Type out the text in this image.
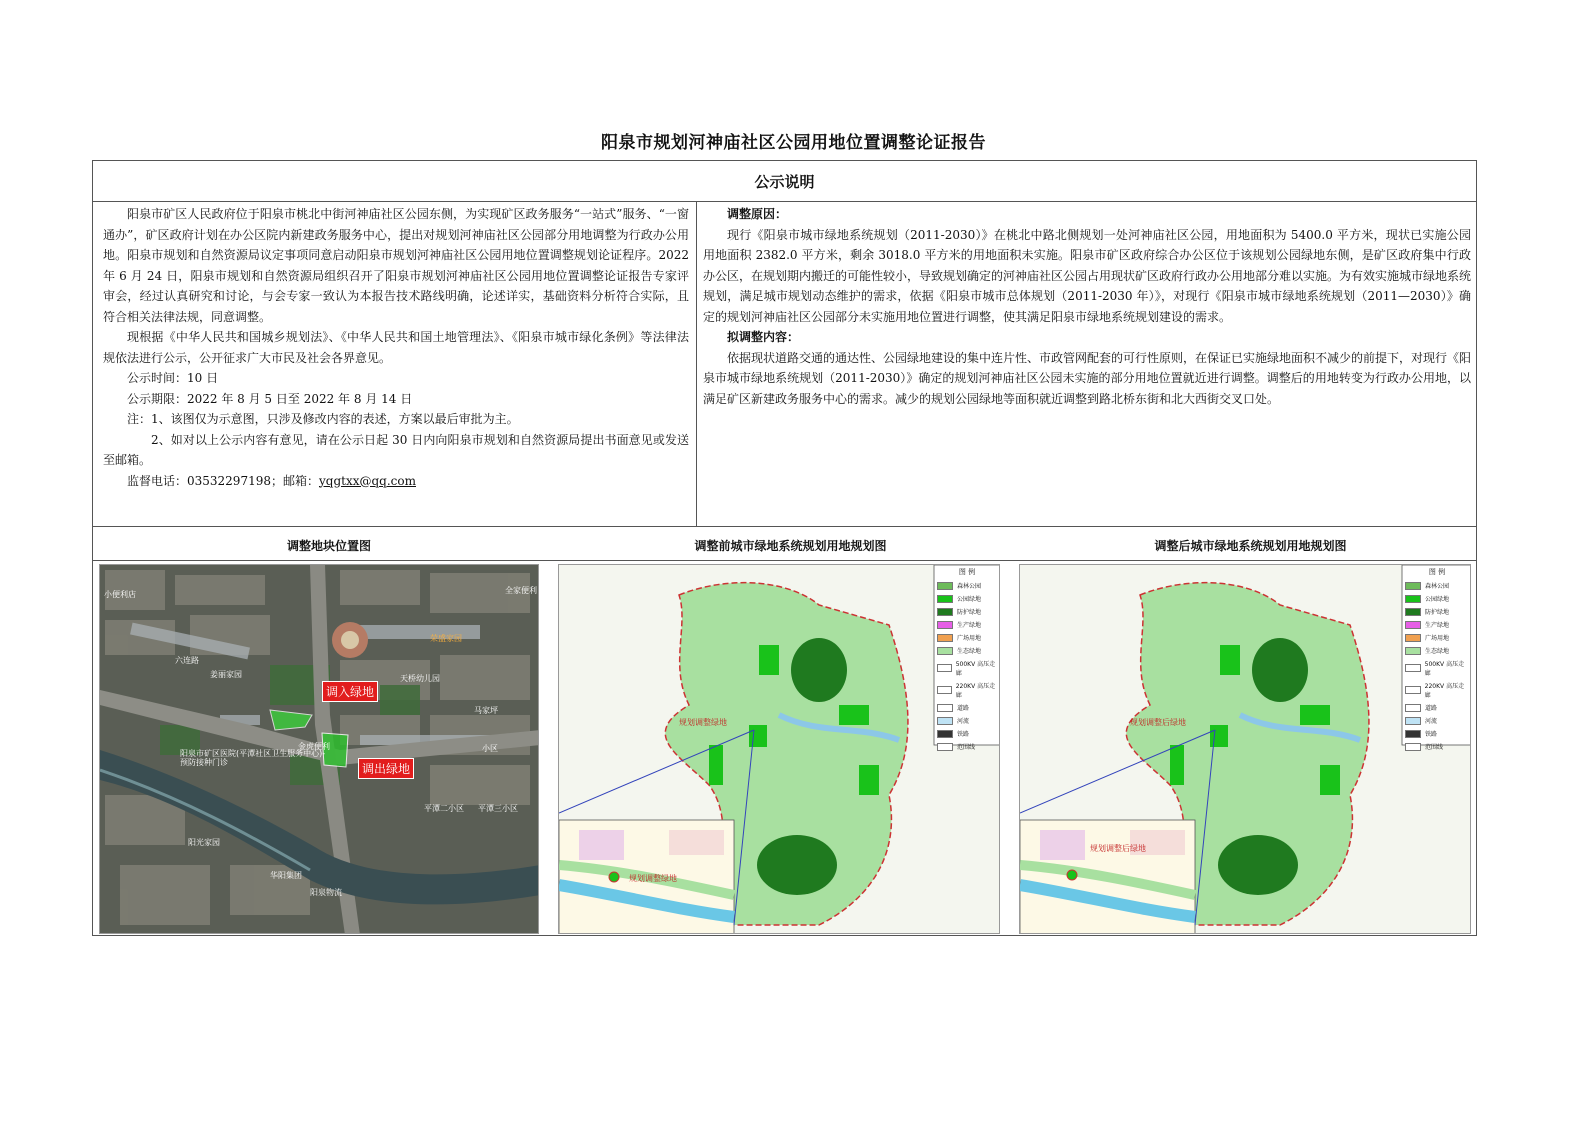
阳泉市规划河神庙社区公园用地位置调整论证报告
公示说明

阳泉市矿区人民政府位于阳泉市桃北中街河神庙社区公园东侧，为实现矿区政务服务“一站式”服务、“一窗通办”，矿区政府计划在办公区院内新建政务服务中心，提出对规划河神庙社区公园部分用地调整为行政办公用地。阳泉市规划和自然资源局议定事项同意启动阳泉市规划河神庙社区公园用地位置调整规划论证程序。2022 年 6 月 24 日，阳泉市规划和自然资源局组织召开了阳泉市规划河神庙社区公园用地位置调整论证报告专家评审会，经过认真研究和讨论，与会专家一致认为本报告技术路线明确，论述详实，基础资料分析符合实际，且符合相关法律法规，同意调整。

现根据《中华人民共和国城乡规划法》、《中华人民共和国土地管理法》、《阳泉市城市绿化条例》等法律法规依法进行公示，公开征求广大市民及社会各界意见。

公示时间：10 日

公示期限：2022 年 8 月 5 日至 2022 年 8 月 14 日

注：1、该图仅为示意图，只涉及修改内容的表述，方案以最后审批为主。

2、如对以上公示内容有意见，请在公示日起 30 日内向阳泉市规划和自然资源局提出书面意见或发送至邮箱。

监督电话：03532297198；邮箱：yqgtxx@qq.com

调整原因：

现行《阳泉市城市绿地系统规划（2011-2030）》在桃北中路北侧规划一处河神庙社区公园，用地面积为 5400.0 平方米，现状已实施公园用地面积 2382.0 平方米，剩余 3018.0 平方米的用地面积未实施。阳泉市矿区政府综合办公区位于该规划公园绿地东侧，是矿区政府集中行政办公区，在规划期内搬迁的可能性较小，导致规划确定的河神庙社区公园占用现状矿区政府行政办公用地部分难以实施。为有效实施城市绿地系统规划，满足城市规划动态维护的需求，依据《阳泉市城市总体规划（2011-2030 年）》，对现行《阳泉市城市绿地系统规划（2011—2030）》确定的规划河神庙社区公园部分未实施用地位置进行调整，使其满足阳泉市绿地系统规划建设的需求。

拟调整内容：

依据现状道路交通的通达性、公园绿地建设的集中连片性、市政管网配套的可行性原则，在保证已实施绿地面积不减少的前提下，对现行《阳泉市城市绿地系统规划（2011-2030）》确定的规划河神庙社区公园未实施的部分用地位置就近进行调整。调整后的用地转变为行政办公用地，以满足矿区新建政务服务中心的需求。减少的规划公园绿地等面积就近调整到路北桥东街和北大西街交叉口处。

调整地块位置图	调整前城市绿地系统规划用地规划图	调整后城市绿地系统规划用地规划图
调入绿地
调出绿地
小便利店
六连路
姜丽家园
阳泉市矿区医院(平潭社区卫生服务中心)-预防接种门诊
金虎便利
平潭二小区 平潭三小区
阳光家园
华阳集团
阳泉物流
天桥幼儿园
荣盛家园
马家坪
小区
全家便利
规划调整绿地
规划调整绿地
图 例
森林公园
公园绿地
防护绿地
生产绿地
广场用地
生态绿地
500KV 高压走廊
220KV 高压走廊
道路
河流
铁路
范围线
规划调整后绿地
规划调整后绿地
图 例
森林公园
公园绿地
防护绿地
生产绿地
广场用地
生态绿地
500KV 高压走廊
220KV 高压走廊
道路
河流
铁路
范围线
